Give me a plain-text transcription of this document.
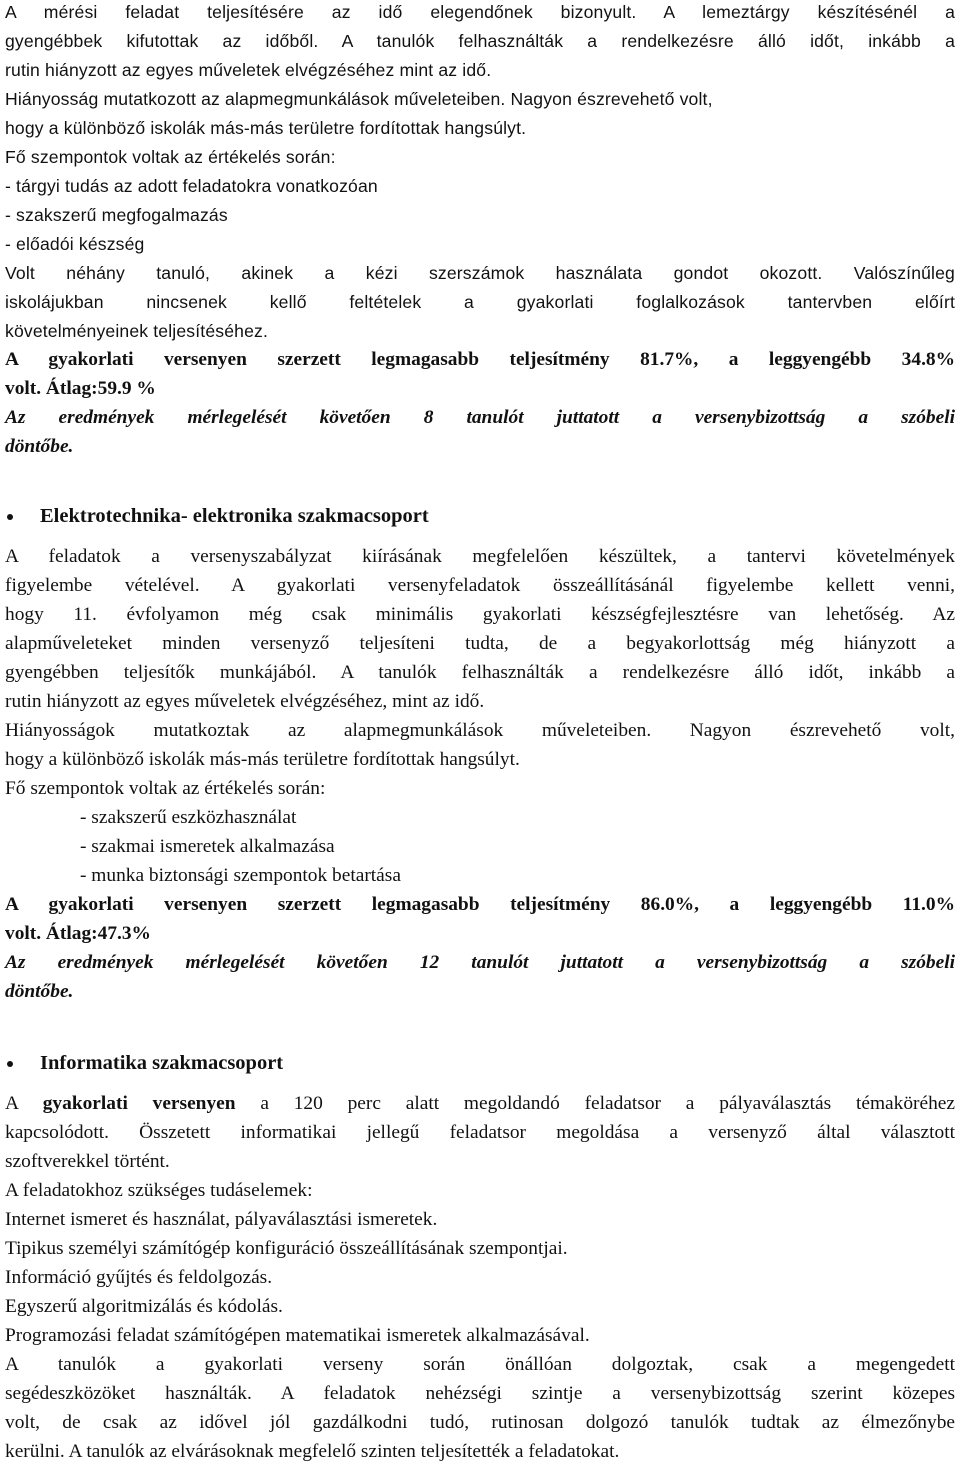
A mérési feladat teljesítésére az idő elegendőnek bizonyult. A lemeztárgy készítésénél a
gyengébbek kifutottak az időből. A tanulók felhasználták a rendelkezésre álló időt, inkább a
rutin hiányzott az egyes műveletek elvégzéséhez mint az idő.
Hiányosság mutatkozott az alapmegmunkálások műveleteiben. Nagyon észrevehető volt,
hogy a különböző iskolák más-más területre fordítottak hangsúlyt.
Fő szempontok voltak az értékelés során:
- tárgyi tudás az adott feladatokra vonatkozóan
- szakszerű megfogalmazás
- előadói készség
Volt néhány tanuló, akinek a kézi szerszámok használata gondot okozott. Valószínűleg
iskolájukban nincsenek kellő feltételek a gyakorlati foglalkozások tantervben előírt
követelményeinek teljesítéséhez.
A gyakorlati versenyen szerzett legmagasabb teljesítmény 81.7%, a leggyengébb 34.8%
volt. Átlag:59.9 %
Az eredmények mérlegelését követően 8 tanulót juttatott a versenybizottság a szóbeli
döntőbe.
Elektrotechnika- elektronika szakmacsoport
A feladatok a versenyszabályzat kiírásának megfelelően készültek, a tantervi követelmények
figyelembe vételével. A gyakorlati versenyfeladatok összeállításánál figyelembe kellett venni,
hogy 11. évfolyamon még csak minimális gyakorlati készségfejlesztésre van lehetőség. Az
alapműveleteket minden versenyző teljesíteni tudta, de a begyakorlottság még hiányzott a
gyengébben teljesítők munkájából. A tanulók felhasználták a rendelkezésre álló időt, inkább a
rutin hiányzott az egyes műveletek elvégzéséhez, mint az idő.
Hiányosságok mutatkoztak az alapmegmunkálások műveleteiben. Nagyon észrevehető volt,
hogy a különböző iskolák más-más területre fordítottak hangsúlyt.
Fő szempontok voltak az értékelés során:
- szakszerű eszközhasználat
- szakmai ismeretek alkalmazása
- munka biztonsági szempontok betartása
A gyakorlati versenyen szerzett legmagasabb teljesítmény 86.0%, a leggyengébb 11.0%
volt. Átlag:47.3%
Az eredmények mérlegelését követően 12 tanulót juttatott a versenybizottság a szóbeli
döntőbe.
Informatika szakmacsoport
A gyakorlati versenyen a 120 perc alatt megoldandó feladatsor a pályaválasztás témaköréhez
kapcsolódott. Összetett informatikai jellegű feladatsor megoldása a versenyző által választott
szoftverekkel történt.
A feladatokhoz szükséges tudáselemek:
Internet ismeret és használat, pályaválasztási ismeretek.
Tipikus személyi számítógép konfiguráció összeállításának szempontjai.
Információ gyűjtés és feldolgozás.
Egyszerű algoritmizálás és kódolás.
Programozási feladat számítógépen matematikai ismeretek alkalmazásával.
A tanulók a gyakorlati verseny során önállóan dolgoztak, csak a megengedett
segédeszközöket használták. A feladatok nehézségi szintje a versenybizottság szerint közepes
volt, de csak az idővel jól gazdálkodni tudó, rutinosan dolgozó tanulók tudtak az élmezőnybe
kerülni. A tanulók az elvárásoknak megfelelő szinten teljesítették a feladatokat.
